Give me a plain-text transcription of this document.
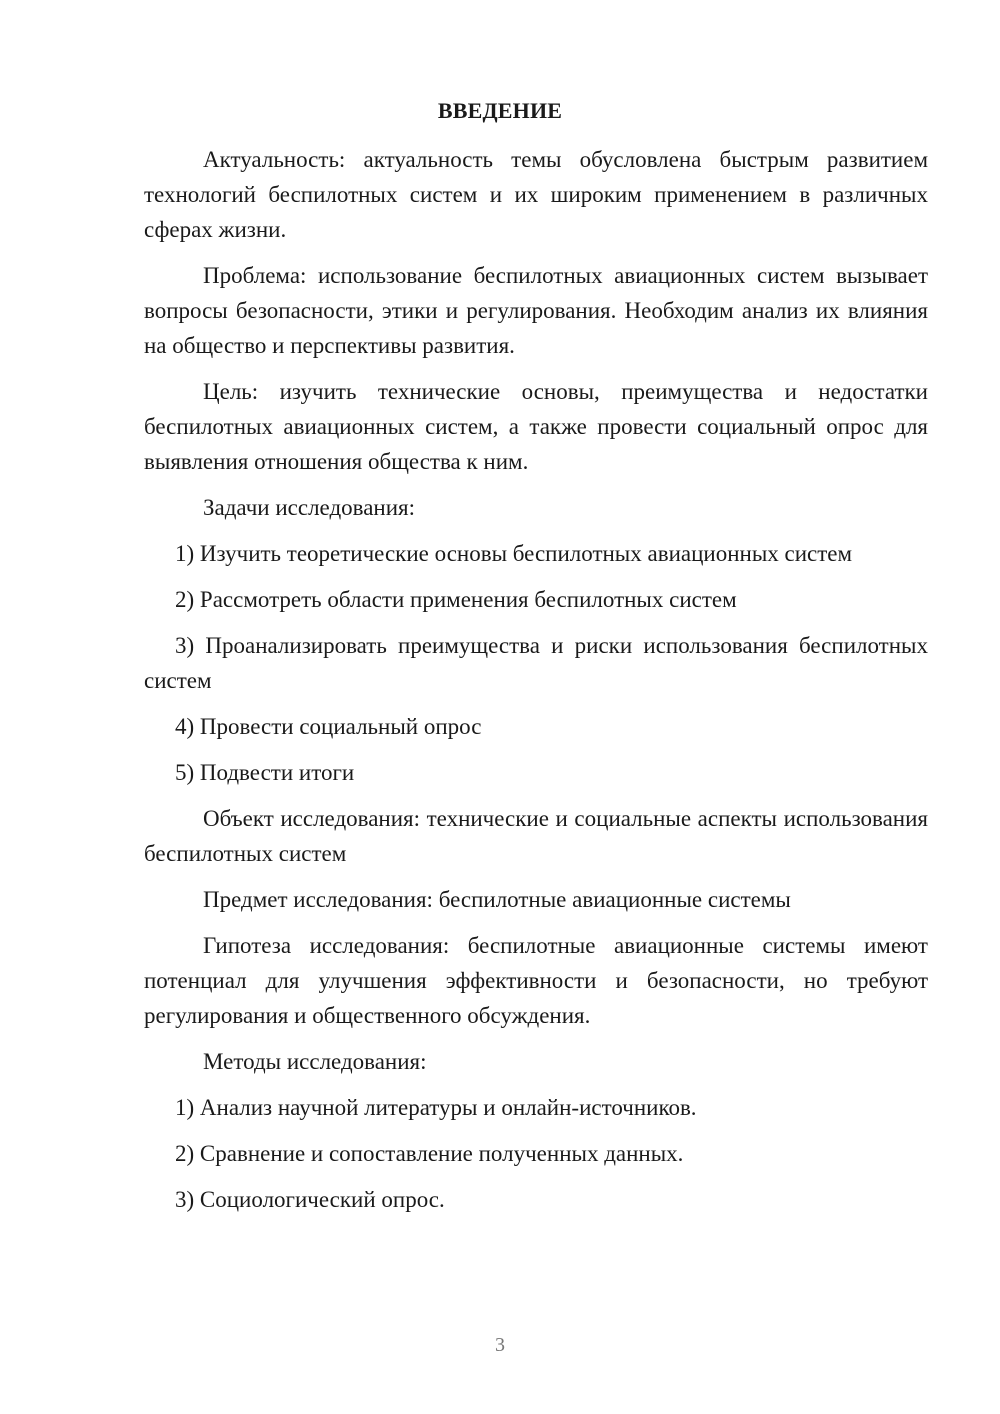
ВВЕДЕНИЕ

Актуальность: актуальность темы обусловлена быстрым развитием технологий беспилотных систем и их широким применением в различных сферах жизни.

Проблема: использование беспилотных авиационных систем вызывает вопросы безопасности, этики и регулирования. Необходим анализ их влияния на общество и перспективы развития.

Цель: изучить технические основы, преимущества и недостатки беспилотных авиационных систем, а также провести социальный опрос для выявления отношения общества к ним.

Задачи исследования:

1) Изучить теоретические основы беспилотных авиационных систем

2) Рассмотреть области применения беспилотных систем

3) Проанализировать преимущества и риски использования беспилотных систем

4) Провести социальный опрос

5) Подвести итоги

Объект исследования: технические и социальные аспекты использования беспилотных систем

Предмет исследования: беспилотные авиационные системы

Гипотеза исследования: беспилотные авиационные системы имеют потенциал для улучшения эффективности и безопасности, но требуют регулирования и общественного обсуждения.

Методы исследования:

1) Анализ научной литературы и онлайн-источников.

2) Сравнение и сопоставление полученных данных.

3) Социологический опрос.

3
